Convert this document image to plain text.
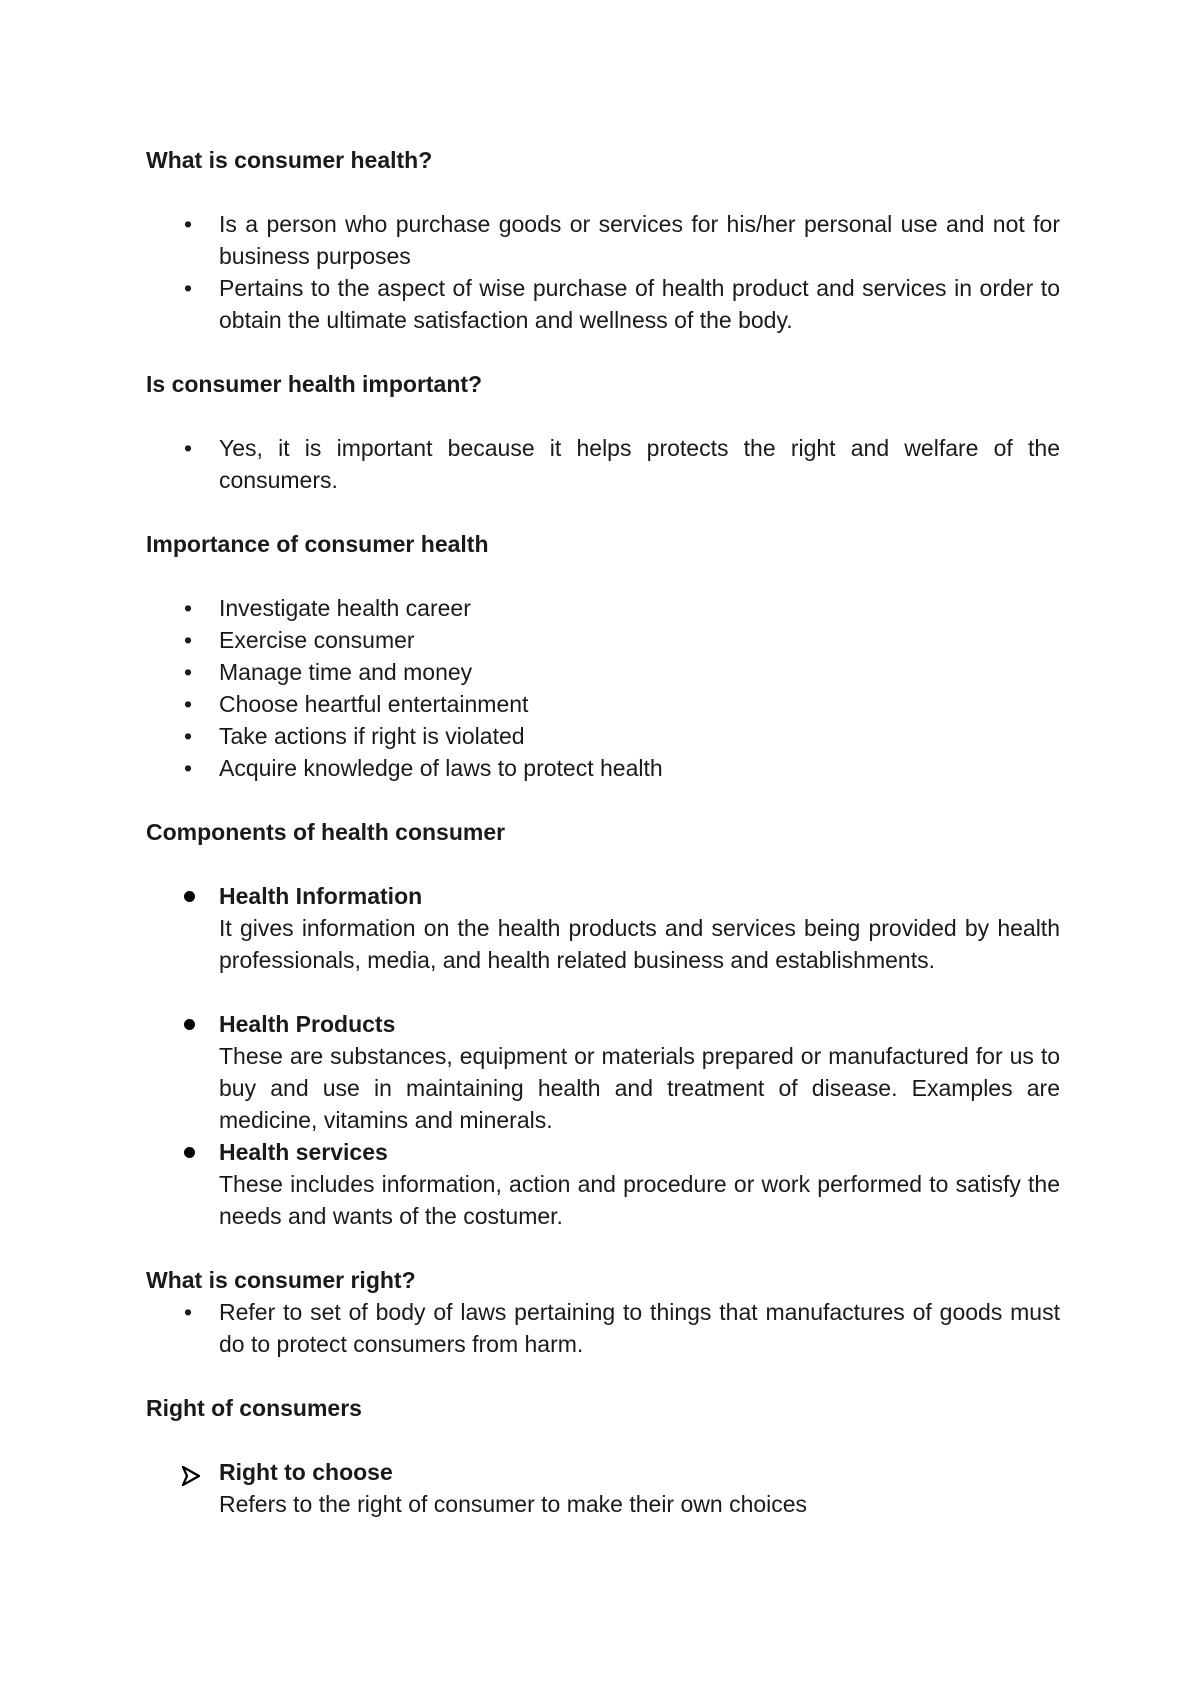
What is consumer health?
•	Is a person who purchase goods or services for his/her personal use and not for business purposes
•	Pertains to the aspect of wise purchase of health product and services in order to obtain the ultimate satisfaction and wellness of the body.
Is consumer health important?
•	Yes, it is important because it helps protects the right and welfare of the consumers.
Importance of consumer health
•	Investigate health career
•	Exercise consumer
•	Manage time and money
•	Choose heartful entertainment
•	Take actions if right is violated
•	Acquire knowledge of laws to protect health
Components of health consumer
Health Information
It gives information on the health products and services being provided by health professionals, media, and health related business and establishments.
Health Products
These are substances, equipment or materials prepared or manufactured for us to buy and use in maintaining health and treatment of disease. Examples are medicine, vitamins and minerals.
Health services
These includes information, action and procedure or work performed to satisfy the needs and wants of the costumer.
What is consumer right?
•	Refer to set of body of laws pertaining to things that manufactures of goods must do to protect consumers from harm.
Right of consumers
Right to choose
Refers to the right of consumer to make their own choices
